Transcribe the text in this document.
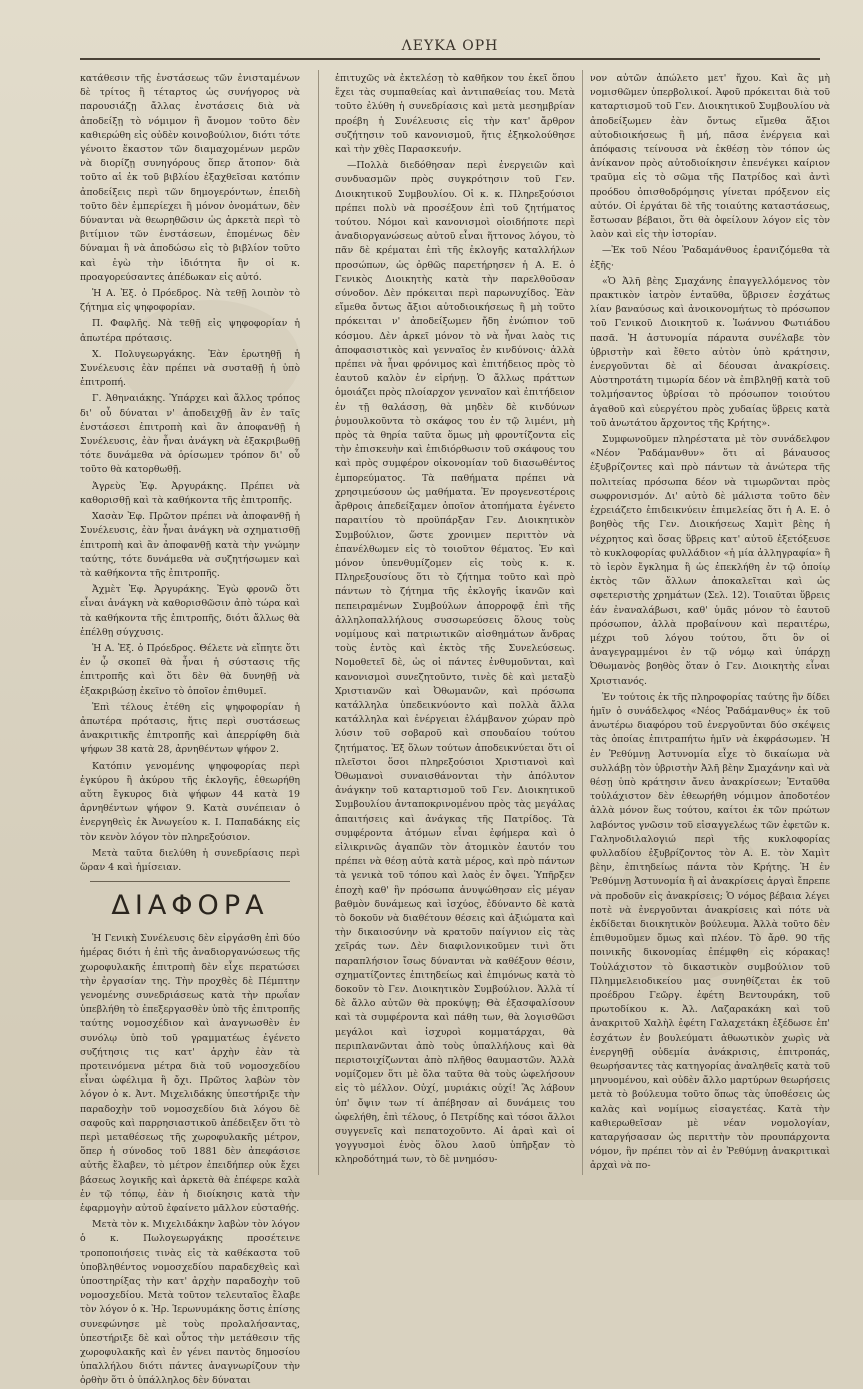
ΛΕΥΚΑ ΟΡΗ

κατάθεσιν τῆς ἐνστάσεως τῶν ἐνισταμένων δὲ τρίτος ἢ τέταρτος ὡς συνήγορος νὰ παρουσιάζῃ ἄλλας ἐνστάσεις διὰ νὰ ἀποδείξῃ τὸ νόμιμον ἢ ἄνομον τοῦτο δὲν καθιερώθη εἰς οὐδὲν κοινοβούλιον, διότι τότε γένοιτο ἕκαστον τῶν διαμαχομένων μερῶν νὰ διορίζῃ συνηγόρους ὅπερ ἄτοπον· διὰ τοῦτο αἱ ἐκ τοῦ βιβλίου ἐξαχθεῖσαι κατόπιν ἀποδείξεις περὶ τῶν δημογερόντων, ἐπειδὴ τοῦτο δὲν ἐμπερίεχει ἢ μόνον ὀνομάτων, δὲν δύνανται νὰ θεωρηθῶσιν ὡς ἀρκετὰ περὶ τὸ βιτίμιον τῶν ἐνστάσεων, ἐπομένως δὲν δύναμαι ἢ νὰ ἀποδώσω εἰς τὸ βιβλίον τοῦτο καὶ ἐγὼ τὴν ἰδιότητα ἣν οἱ κ. προαγορεύσαντες ἀπέδωκαν εἰς αὐτό.

Ἡ Α. Ἐξ. ὁ Πρόεδρος. Νὰ τεθῇ λοιπὸν τὸ ζήτημα εἰς ψηφοφορίαν.

Π. Φαφλῆς. Νὰ τεθῇ εἰς ψηφοφορίαν ἡ ἀπωτέρα πρότασις.

Χ. Πολυγεωργάκης. Ἐὰν ἐρωτηθῇ ἡ Συνέλευσις ἐὰν πρέπει νὰ συσταθῇ ἡ ὑπὸ ἐπιτροπή.

Γ. Ἀθηναιάκης. Ὑπάρχει καὶ ἄλλος τρόπος δι' οὗ δύναται ν' ἀποδειχθῇ ἂν ἐν ταῖς ἐνστάσεσι ἐπιτροπὴ καὶ ἂν ἀποφανθῇ ἡ Συνέλευσις, ἐὰν ἦναι ἀνάγκη νὰ ἐξακριβωθῇ τότε δυνάμεθα νὰ ὁρίσωμεν τρόπον δι' οὗ τοῦτο θὰ κατορθωθῇ.

Ἀγρεὺς Ἐφ. Ἀργυράκης. Πρέπει νὰ καθορισθῇ καὶ τὰ καθήκοντα τῆς ἐπιτροπῆς.

Χασὰν Ἐφ. Πρῶτον πρέπει νὰ ἀποφανθῇ ἡ Συνέλευσις, ἐὰν ἦναι ἀνάγκη νὰ σχηματισθῇ ἐπιτροπὴ καὶ ἂν ἀποφανθῇ κατὰ τὴν γνώμην ταύτης, τότε δυνάμεθα νὰ συζητήσωμεν καὶ τὰ καθήκοντα τῆς ἐπιτροπῆς.

Ἀχμὲτ Ἐφ. Ἀργυράκης. Ἐγὼ φρονῶ ὅτι εἶναι ἀνάγκη νὰ καθορισθῶσιν ἀπὸ τώρα καὶ τὰ καθήκοντα τῆς ἐπιτροπῆς, διότι ἄλλως θὰ ἐπέλθῃ σύγχυσις.

Ἡ Α. Ἐξ. ὁ Πρόεδρος. Θέλετε νὰ εἴπητε ὅτι ἐν ᾧ σκοπεῖ θὰ ἦναι ἡ σύστασις τῆς ἐπιτροπῆς καὶ ὅτι δὲν θὰ δυνηθῇ νὰ ἐξακριβώσῃ ἐκεῖνο τὸ ὁποῖον ἐπιθυμεῖ.

Ἐπὶ τέλους ἐτέθη εἰς ψηφοφορίαν ἡ ἀπωτέρα πρότασις, ἥτις περὶ συστάσεως ἀνακριτικῆς ἐπιτροπῆς καὶ ἀπερρίφθη διὰ ψήφων 38 κατὰ 28, ἀρνηθέντων ψήφον 2.

Κατόπιν γενομένης ψηφοφορίας περὶ ἐγκύρου ἢ ἀκύρου τῆς ἐκλογῆς, ἐθεωρήθη αὕτη ἔγκυρος διὰ ψήφων 44 κατὰ 19 ἀρνηθέντων ψήφον 9. Κατὰ συνέπειαν ὁ ἐνεργηθεὶς ἐκ Ἀνωγείου κ. Ι. Παπαδάκης εἰς τὸν κενὸν λόγον τὸν πληρεξούσιον.

Μετὰ ταῦτα διελύθη ἡ συνεδρίασις περὶ ὥραν 4 καὶ ἡμίσειαν.

ΔΙΑΦΟΡΑ

Ἡ Γενικὴ Συνέλευσις δὲν εἰργάσθη ἐπὶ δύο ἡμέρας διότι ἡ ἐπὶ τῆς ἀναδιοργανώσεως τῆς χωροφυλακῆς ἐπιτροπὴ δὲν εἶχε περατώσει τὴν ἐργασίαν της. Τὴν προχθὲς δὲ Πέμπτην γενομένης συνεδριάσεως κατὰ τὴν πρωΐαν ὑπεβλήθη τὸ ἐπεξεργασθὲν ὑπὸ τῆς ἐπιτροπῆς ταύτης νομοσχέδιον καὶ ἀναγνωσθὲν ἐν συνόλῳ ὑπὸ τοῦ γραμματέως ἐγένετο συζήτησις τις κατ' ἀρχὴν ἐὰν τὰ προτεινόμενα μέτρα διὰ τοῦ νομοσχεδίου εἶναι ὠφέλιμα ἢ ὄχι. Πρῶτος λαβὼν τὸν λόγον ὁ κ. Ἀντ. Μιχελιδάκης ὑπεστήριξε τὴν παραδοχὴν τοῦ νομοσχεδίου διὰ λόγου δὲ σαφοῦς καὶ παρρησιαστικοῦ ἀπέδειξεν ὅτι τὸ περὶ μεταθέσεως τῆς χωροφυλακῆς μέτρον, ὅπερ ἡ σύνοδος τοῦ 1881 δὲν ἀπεφάσισε αὐτῆς ἔλαβεν, τὸ μέτρον ἐπειδήπερ οὐκ ἔχει βάσεως λογικῆς καὶ ἀρκετὰ θὰ ἐπέφερε καλὰ ἐν τῷ τόπῳ, ἐὰν ἡ διοίκησις κατὰ τὴν ἐφαρμογὴν αὐτοῦ ἐφαίνετο μᾶλλον εὐσταθής.

Μετὰ τὸν κ. Μιχελιδάκην λαβὼν τὸν λόγον ὁ κ. Πωλογεωργάκης προσέτεινε τροποποιήσεις τινὰς εἰς τὰ καθέκαστα τοῦ ὑποβληθέντος νομοσχεδίου παραδεχθεὶς καὶ ὑποστηρίξας τὴν κατ' ἀρχὴν παραδοχὴν τοῦ νομοσχεδίου. Μετὰ τοῦτον τελευταῖος ἔλαβε τὸν λόγον ὁ κ. Ἠρ. Ἱερωνυμάκης ὅστις ἐπίσης συνεφώνησε μὲ τοὺς προλαλήσαντας, ὑπεστήριξε δὲ καὶ οὗτος τὴν μετάθεσιν τῆς χωροφυλακῆς καὶ ἐν γένει παντὸς δημοσίου ὑπαλλήλου διότι πάντες ἀναγνωρίζουν τὴν ὀρθὴν ὅτι ὁ ὑπάλληλος δὲν δύναται

ἐπιτυχῶς νὰ ἐκτελέσῃ τὸ καθῆκον του ἐκεῖ ὅπου ἔχει τὰς συμπαθείας καὶ ἀντιπαθείας του. Μετὰ τοῦτο ἐλύθη ἡ συνεδρίασις καὶ μετὰ μεσημβρίαν προέβη ἡ Συνέλευσις εἰς τὴν κατ' ἄρθρον συζήτησιν τοῦ κανονισμοῦ, ἥτις ἐξηκολούθησε καὶ τὴν χθὲς Παρασκευήν.

—Πολλὰ διεδόθησαν περὶ ἐνεργειῶν καὶ συνδυασμῶν πρὸς συγκρότησιν τοῦ Γεν. Διοικητικοῦ Συμβουλίου. Οἱ κ. κ. Πληρεξούσιοι πρέπει πολὺ νὰ προσέξουν ἐπὶ τοῦ ζητήματος τούτου. Νόμοι καὶ κανονισμοὶ οἱοιδήποτε περὶ ἀναδιοργανώσεως αὐτοῦ εἶναι ἥττονος λόγου, τὸ πᾶν δὲ κρέμαται ἐπὶ τῆς ἐκλογῆς καταλλήλων προσώπων, ὡς ὀρθῶς παρετήρησεν ἡ Α. Ε. ὁ Γενικὸς Διοικητὴς κατὰ τὴν παρελθοῦσαν σύνοδον. Δὲν πρόκειται περὶ παρωνυχίδος. Ἐὰν εἴμεθα ὄντως ἄξιοι αὐτοδιοικήσεως ἢ μὴ τοῦτο πρόκειται ν' ἀποδείξωμεν ἤδη ἐνώπιον τοῦ κόσμου. Δὲν ἀρκεῖ μόνον τὸ νὰ ἦναι λαὸς τις ἀποφασιστικὸς καὶ γενναῖος ἐν κινδύνοις· ἀλλὰ πρέπει νὰ ἦναι φρόνιμος καὶ ἐπιτήδειος πρὸς τὸ ἑαυτοῦ καλὸν ἐν εἰρήνῃ. Ὁ ἄλλως πράττων ὁμοιάζει πρὸς πλοίαρχον γενναῖον καὶ ἐπιτήδειον ἐν τῇ θαλάσσῃ, θὰ μηδὲν δὲ κινδύνων ῥυμουλκοῦντα τὸ σκάφος του ἐν τῷ λιμένι, μὴ πρὸς τὰ θηρία ταῦτα ὅμως μὴ φροντίζοντα εἰς τὴν ἐπισκευὴν καὶ ἐπιδιόρθωσιν τοῦ σκάφους του καὶ πρὸς συμφέρον οἰκονομίαν τοῦ διασωθέντος ἐμπορεύματος. Τὰ παθήματα πρέπει νὰ χρησιμεύσουν ὡς μαθήματα. Ἐν προγενεστέροις ἄρθροις ἀπεδείξαμεν ὁποῖον ἀτοπήματα ἐγένετο παραιτίου τὸ προϋπάρξαν Γεν. Διοικητικὸν Συμβούλιον, ὥστε χρονιμεν περιττὸν νὰ ἐπανέλθωμεν εἰς τὸ τοιοῦτον θέματος. Ἐν καὶ μόνον ὑπενθυμίζομεν εἰς τοὺς κ. κ. Πληρεξουσίους ὅτι τὸ ζήτημα τοῦτο καὶ πρὸ πάντων τὸ ζήτημα τῆς ἐκλογῆς ἱκανῶν καὶ πεπειραμένων Συμβούλων ἀπορροφᾷ ἐπὶ τῆς ἀλληλοπαλλήλους συσσωρεύσεις ὅλους τοὺς νομίμους καὶ πατριωτικῶν αἰσθημάτων ἄνδρας τοὺς ἐντὸς καὶ ἐκτὸς τῆς Συνελεύσεως. Νομοθετεῖ δὲ, ὡς οἱ πάντες ἐνθυμοῦνται, καὶ κανονισμοὶ συνεζητοῦντο, τινὲς δὲ καὶ μεταξὺ Χριστιανῶν καὶ Ὀθωμανῶν, καὶ πρόσωπα κατάλληλα ὑπεδεικνύοντο καὶ πολλὰ ἄλλα κατάλληλα καὶ ἐνέργειαι ἐλάμβανον χώραν πρὸ λύσιν τοῦ σοβαροῦ καὶ σπουδαίου τούτου ζητήματος. Ἐξ ὅλων τούτων ἀποδεικνύεται ὅτι οἱ πλεῖστοι ὅσοι πληρεξούσιοι Χριστιανοὶ καὶ Ὀθωμανοὶ συναισθάνονται τὴν ἀπόλυτον ἀνάγκην τοῦ καταρτισμοῦ τοῦ Γεν. Διοικητικοῦ Συμβουλίου ἀνταποκρινομένου πρὸς τὰς μεγάλας ἀπαιτήσεις καὶ ἀνάγκας τῆς Πατρίδος. Τὰ συμφέροντα ἀτόμων εἶναι ἐφήμερα καὶ ὁ εἰλικρινῶς ἀγαπῶν τὸν ἀτομικὸν ἑαυτόν του πρέπει νὰ θέσῃ αὐτὰ κατὰ μέρος, καὶ πρὸ πάντων τὰ γενικὰ τοῦ τόπου καὶ λαὸς ἐν ὄψει. Ὑπῆρξεν ἐποχὴ καθ' ἣν πρόσωπα ἀνυψώθησαν εἰς μέγαν βαθμὸν δυνάμεως καὶ ἰσχύος, ἐδύναντο δὲ κατὰ τὸ δοκοῦν νὰ διαθέτουν θέσεις καὶ ἀξιώματα καὶ τὴν δικαιοσύνην νὰ κρατοῦν παίγνιον εἰς τὰς χεῖράς των. Δὲν διαφιλονικοῦμεν τινὶ ὅτι παραπλήσιον ἴσως δύνανται νὰ καθέξουν θέσιν, σχηματίζοντες ἐπιτηδείως καὶ ἐπιμόνως κατὰ τὸ δοκοῦν τὸ Γεν. Διοικητικὸν Συμβούλιον. Ἀλλὰ τί δὲ ἄλλο αὐτῶν θὰ προκύψῃ; Θὰ ἐξασφαλίσουν καὶ τὰ συμφέροντα καὶ πάθη των, θὰ λογισθῶσι μεγάλοι καὶ ἰσχυροὶ κομματάρχαι, θὰ περιπλανῶνται ἀπὸ τοὺς ὑπαλλήλους καὶ θὰ περιστοιχίζωνται ἀπὸ πλῆθος θαυμαστῶν. Ἀλλὰ νομίζομεν ὅτι μὲ ὅλα ταῦτα θὰ τοὺς ὠφελήσουν εἰς τὸ μέλλον. Οὐχί, μυριάκις οὐχί! Ἂς λάβουν ὑπ' ὄψιν των τί ἀπέβησαν αἱ δυνάμεις του ὠφελήθη, ἐπὶ τέλους, ὁ Πετρίδης καὶ τόσοι ἄλλοι συγγενεῖς καὶ πεπατοχοῦντο. Αἱ ἀραὶ καὶ οἱ γογγυσμοὶ ἑνὸς ὅλου λαοῦ ὑπῆρξαν τὸ κληροδότημά των, τὸ δὲ μνημόσυ-

νον αὐτῶν ἀπώλετο μετ' ἤχου. Καὶ ἂς μὴ νομισθῶμεν ὑπερβολικοί. Ἀφοῦ πρόκειται διὰ τοῦ καταρτισμοῦ τοῦ Γεν. Διοικητικοῦ Συμβουλίου νὰ ἀποδείξωμεν ἐὰν ὄντως εἴμεθα ἄξιοι αὐτοδιοικήσεως ἢ μή, πᾶσα ἐνέργεια καὶ ἀπόφασις τείνουσα νὰ ἐκθέσῃ τὸν τόπον ὡς ἀνίκανον πρὸς αὐτοδιοίκησιν ἐπενέγκει καίριον τραῦμα εἰς τὸ σῶμα τῆς Πατρίδος καὶ ἀντὶ προόδου ὀπισθοδρόμησις γίνεται πρόξενον εἰς αὐτόν. Οἱ ἐργάται δὲ τῆς τοιαύτης καταστάσεως, ἔστωσαν βέβαιοι, ὅτι θὰ ὀφείλουν λόγον εἰς τὸν λαὸν καὶ εἰς τὴν ἱστορίαν.

—Ἐκ τοῦ Νέου Ῥαδαμάνθυος ἐρανιζόμεθα τὰ ἑξῆς·

«Ὁ Ἀλῆ βὲης Σμαχάνης ἐπαγγελλόμενος τὸν πρακτικὸν ἰατρὸν ἐνταῦθα, ὕβρισεν ἐσχάτως λίαν βαναύσως καὶ ἀνοικονομήτως τὸ πρόσωπον τοῦ Γενικοῦ Διοικητοῦ κ. Ἰωάννου Φωτιάδου πασᾶ. Ἡ ἀστυνομία πάραυτα συνέλαβε τὸν ὑβριστὴν καὶ ἔθετο αὐτὸν ὑπὸ κράτησιν, ἐνεργοῦνται δὲ αἱ δέουσαι ἀνακρίσεις. Αὐστηροτάτη τιμωρία δέον νὰ ἐπιβληθῇ κατὰ τοῦ τολμήσαντος ὑβρίσαι τὸ πρόσωπον τοιούτου ἀγαθοῦ καὶ εὐεργέτου πρὸς χυδαίας ὕβρεις κατὰ τοῦ ἀνωτάτου ἄρχοντος τῆς Κρήτης».

Συμφωνοῦμεν πληρέστατα μὲ τὸν συνάδελφον «Νέον Ῥαδάμανθυν» ὅτι αἱ βάναυσος ἐξυβρίζοντες καὶ πρὸ πάντων τὰ ἀνώτερα τῆς πολιτείας πρόσωπα δέον νὰ τιμωρῶνται πρὸς σωφρονισμόν. Δι' αὐτὸ δὲ μάλιστα τοῦτο δὲν ἐχρειάζετο ἐπιδεικνύειν ἐπιμελείας ὅτι ἡ Α. Ε. ὁ βοηθὸς τῆς Γεν. Διοικήσεως Χαμὶτ βὲης ἡ νέχρητος καὶ ὅσας ὕβρεις κατ' αὐτοῦ ἐξετόξευσε τὸ κυκλοφορίας φυλλάδιον «ἡ μία ἀλληγραφία» ἢ τὸ ἱερὸν ἔγκλημα ἢ ὡς ἐπεκλήθη ἐν τῷ ὁποίῳ ἐκτὸς τῶν ἄλλων ἀποκαλεῖται καὶ ὡς σφετεριστὴς χρημάτων (Σελ. 12). Τοιαῦται ὕβρεις ἐάν ἐναναλάβωσι, καθ' ὑμᾶς μόνον τὸ ἑαυτοῦ πρόσωπον, ἀλλὰ προβαίνουν καὶ περαιτέρω, μέχρι τοῦ λόγου τούτου, ὅτι ὃν οἱ ἀναγεγραμμένοι ἐν τῷ νόμῳ καὶ ὑπάρχῃ Ὀθωμανὸς βοηθὸς ὅταν ὁ Γεν. Διοικητὴς εἶναι Χριστιανός.

Ἐν τούτοις ἐκ τῆς πληροφορίας ταύτης ἣν δίδει ἡμῖν ὁ συνάδελφος «Νέος Ῥαδάμανθυς» ἐκ τοῦ ἀνωτέρω διαφόρου τοῦ ἐνεργοῦνται δύο σκέψεις τὰς ὁποίας ἐπιτραπήτω ἡμῖν νὰ ἐκφράσωμεν. Ἡ ἐν Ῥεθύμνῃ Ἀστυνομία εἶχε τὸ δικαίωμα νὰ συλλάβῃ τὸν ὑβριστὴν Ἀλῆ βὲην Σμαχάνην καὶ νὰ θέσῃ ὑπὸ κράτησιν ἄνευ ἀνακρίσεων; Ἐνταῦθα τοὐλάχιστον δὲν ἐθεωρήθη νόμιμον ἀποδοτέον ἀλλὰ μόνον ἕως τούτου, καίτοι ἐκ τῶν πρώτων λαβόντος γνῶσιν τοῦ εἰσαγγελέως τῶν ἐφετῶν κ. Γαληνοδιλαλογιώ περὶ τῆς κυκλοφορίας φυλλαδίου ἐξυβρίζοντος τὸν Α. Ε. τὸν Χαμὶτ βὲην, ἐπιτηδείως πάντα τὸν Κρήτης. Ἡ ἐν Ῥεθύμνῃ Ἀστυνομία ἢ αἱ ἀνακρίσεις ἀργαὶ ἔπρεπε νὰ προδοῦν εἰς ἀνακρίσεις; Ὁ νόμος βέβαια λέγει ποτὲ νὰ ἐνεργοῦνται ἀνακρίσεις καὶ πότε νὰ ἐκδίδεται διοικητικὸν βούλευμα. Ἀλλὰ τοῦτο δὲν ἐπιθυμοῦμεν ὅμως καὶ πλέον. Τὸ ἄρθ. 90 τῆς ποινικῆς δικονομίας ἐπέμφθη εἰς κόρακας! Τοὐλάχιστον τὸ δικαστικὸν συμβούλιον τοῦ Πλημμελειοδικείου μας συνηθίζεται ἐκ τοῦ προέδρου Γεῶργ. ἐφέτη Βεντουράκη, τοῦ πρωτοδίκου κ. Ἀλ. Λαζαρακάκη καὶ τοῦ ἀνακριτοῦ Χαλὴλ ἐφέτη Γαλαχετάκη ἐξέδωσε ἐπ' ἐσχάτων ἐν βουλεύματι ἀθωωτικὸν χωρὶς νὰ ἐνεργηθῇ οὐδεμία ἀνάκρισις, ἐπιτροπάς, θεωρήσαντες τὰς κατηγορίας ἀναληθεῖς κατὰ τοῦ μηνυομένου, καὶ οὐδὲν ἄλλο μαρτύρων θεωρήσεις μετὰ τὸ βούλευμα τοῦτο ὅπως τὰς ὑποθέσεις ὡς καλὰς καὶ νομίμως εἰσαγετέας. Κατὰ τὴν καθιερωθεῖσαν μὲ νέαν νομολογίαν, καταργήσασαν ὡς περιττὴν τὸν προυπάρχοντα νόμον, ἣν πρέπει τὸν αἱ ἐν Ῥεθύμνῃ ἀνακριτικαὶ ἀρχαὶ νὰ πο-
